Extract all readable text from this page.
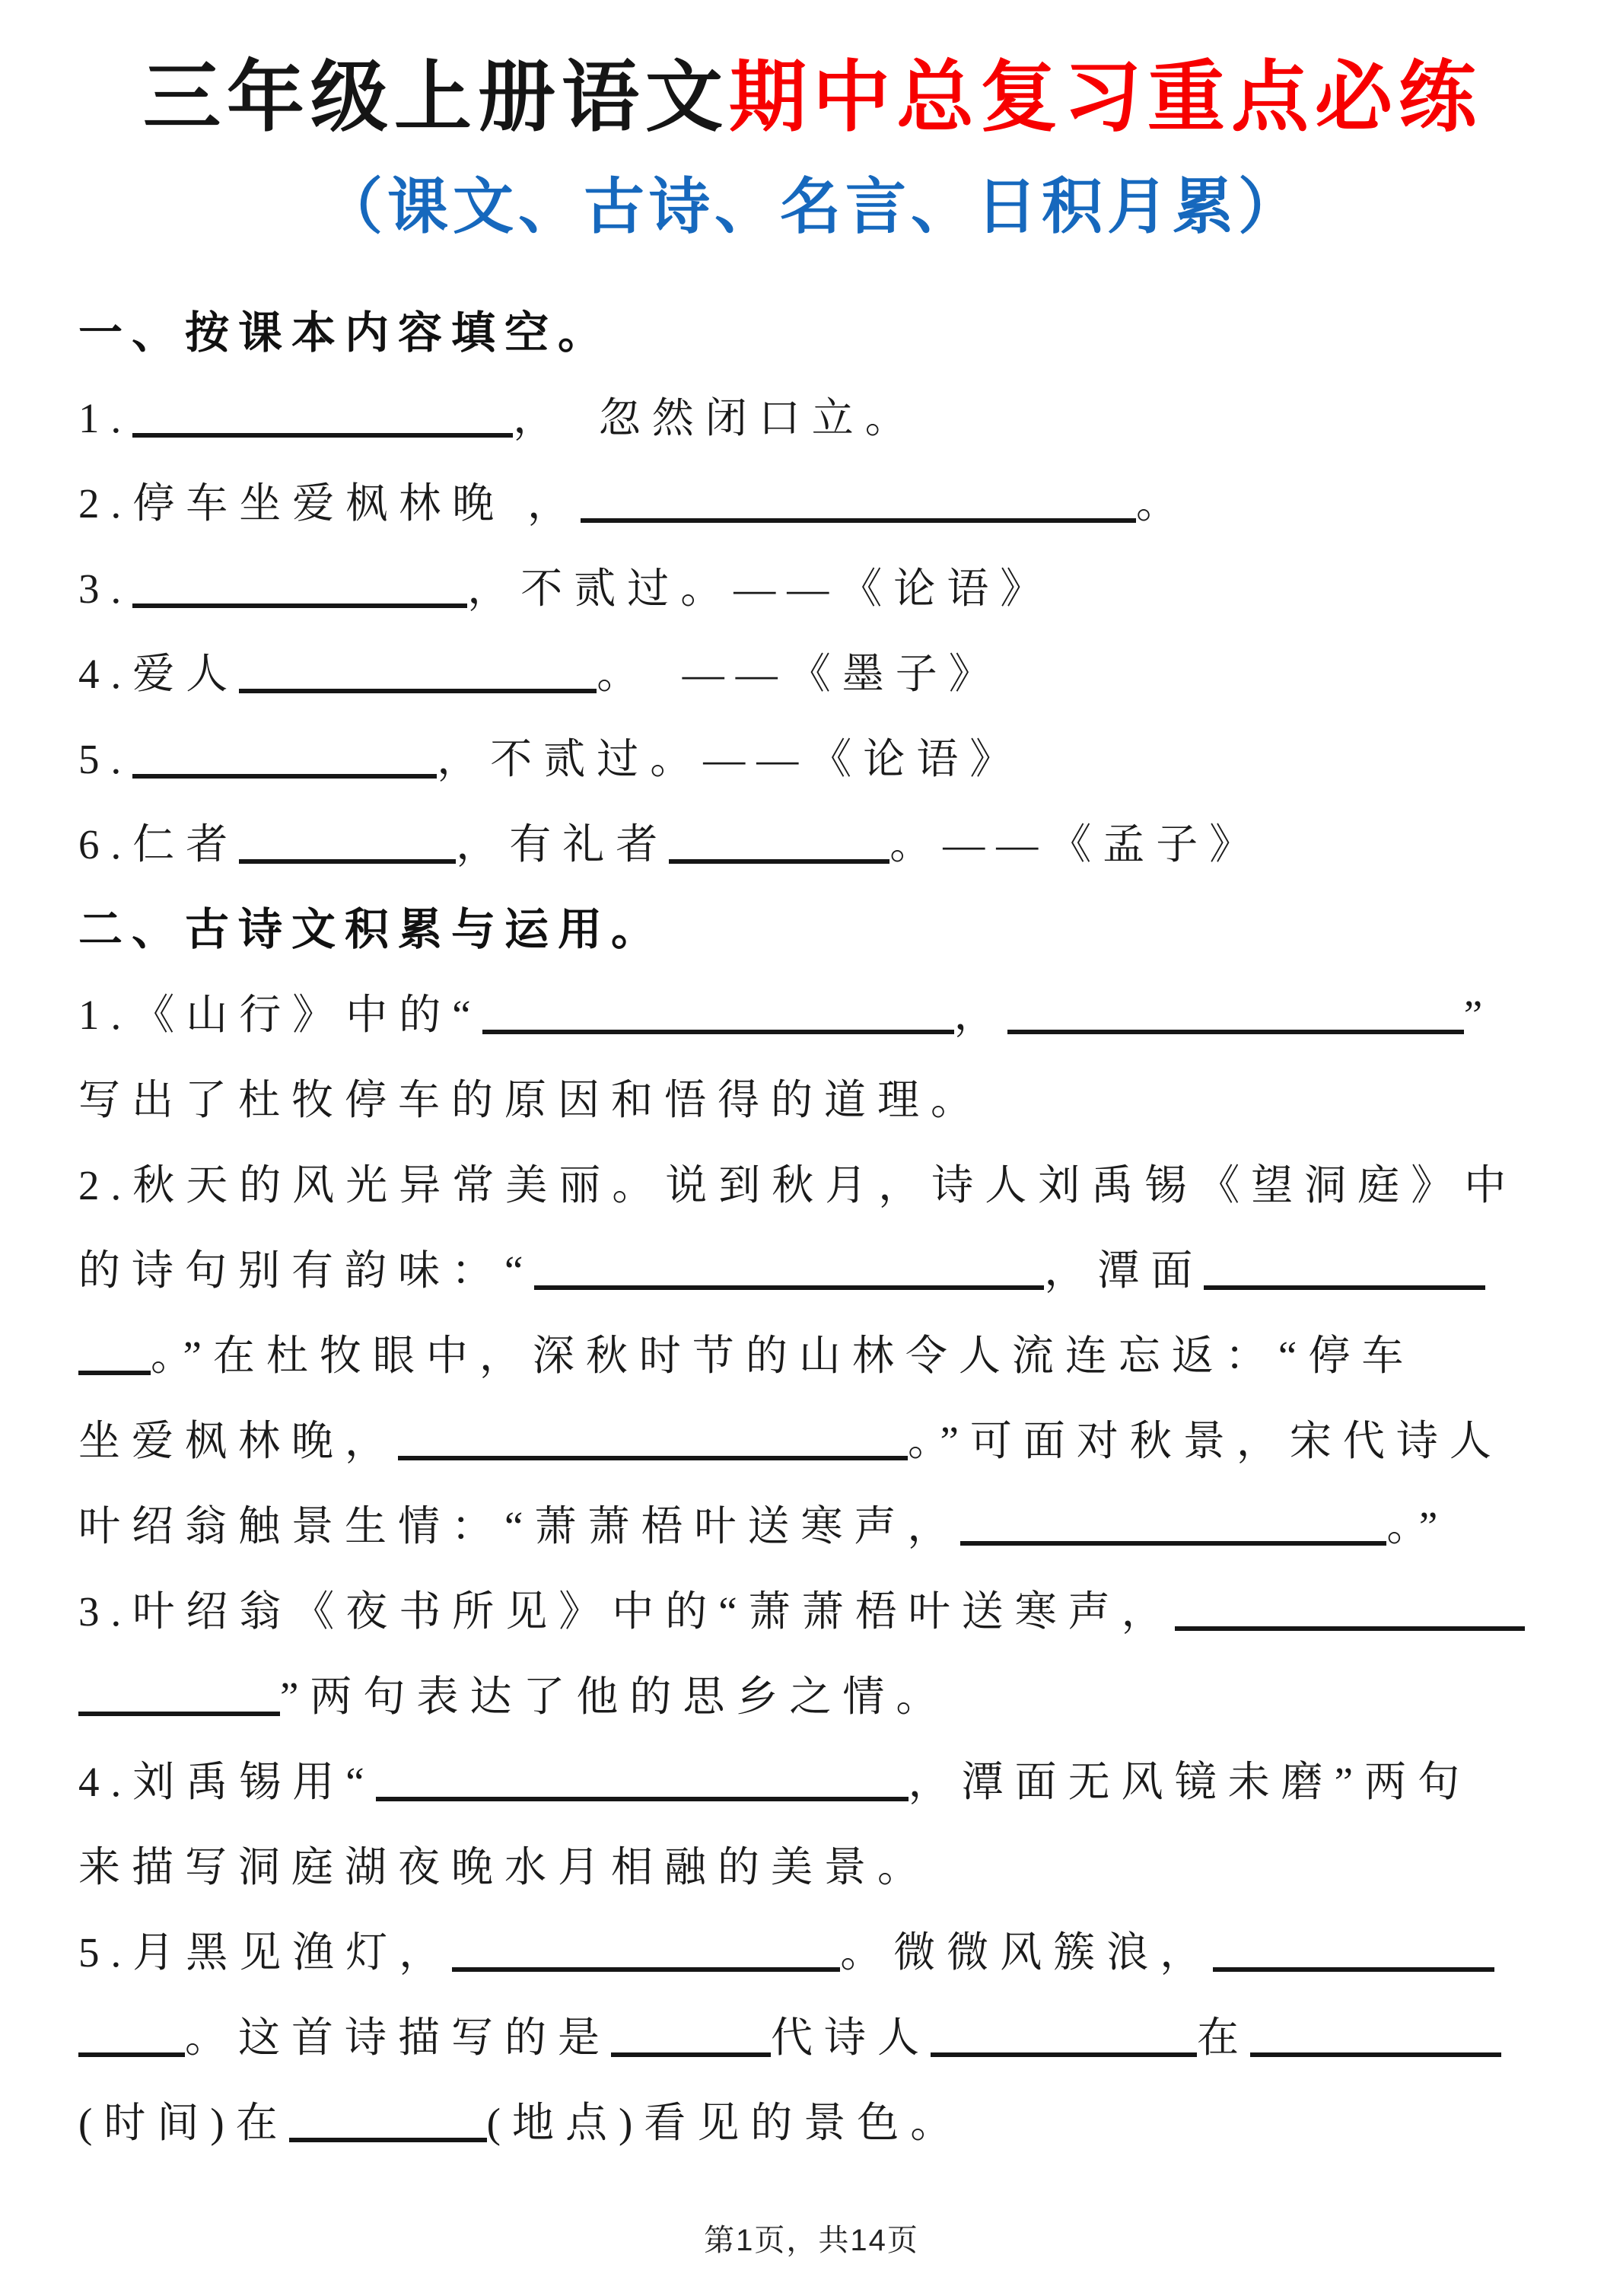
三年级上册语文期中总复习重点必练
（课文、古诗、名言、日积月累）
一、按课本内容填空。
1.	，　忽然闭口立。
2.停车坐爱枫林晚 ，	。
3.	，不贰过。——《论语》
4.爱人	。　——《墨子》
5.	，不贰过。——《论语》
6.仁者	，有礼者	。——《孟子》
二、古诗文积累与运用。
1.《山行》中的“	，	”
写出了杜牧停车的原因和悟得的道理。
2.秋天的风光异常美丽。说到秋月，诗人刘禹锡《望洞庭》中
的诗句别有韵味：“	，潭面
。”在杜牧眼中，深秋时节的山林令人流连忘返：“停车
坐爱枫林晚，	。”可面对秋景，宋代诗人
叶绍翁触景生情：“萧萧梧叶送寒声，	。”
3.叶绍翁《夜书所见》中的“萧萧梧叶送寒声，
”两句表达了他的思乡之情。
4.刘禹锡用“	，潭面无风镜未磨”两句
来描写洞庭湖夜晚水月相融的美景。
5.月黑见渔灯，	。微微风簇浪，
。这首诗描写的是	代诗人	在
(时间)在	(地点)看见的景色。
第1页，共14页
